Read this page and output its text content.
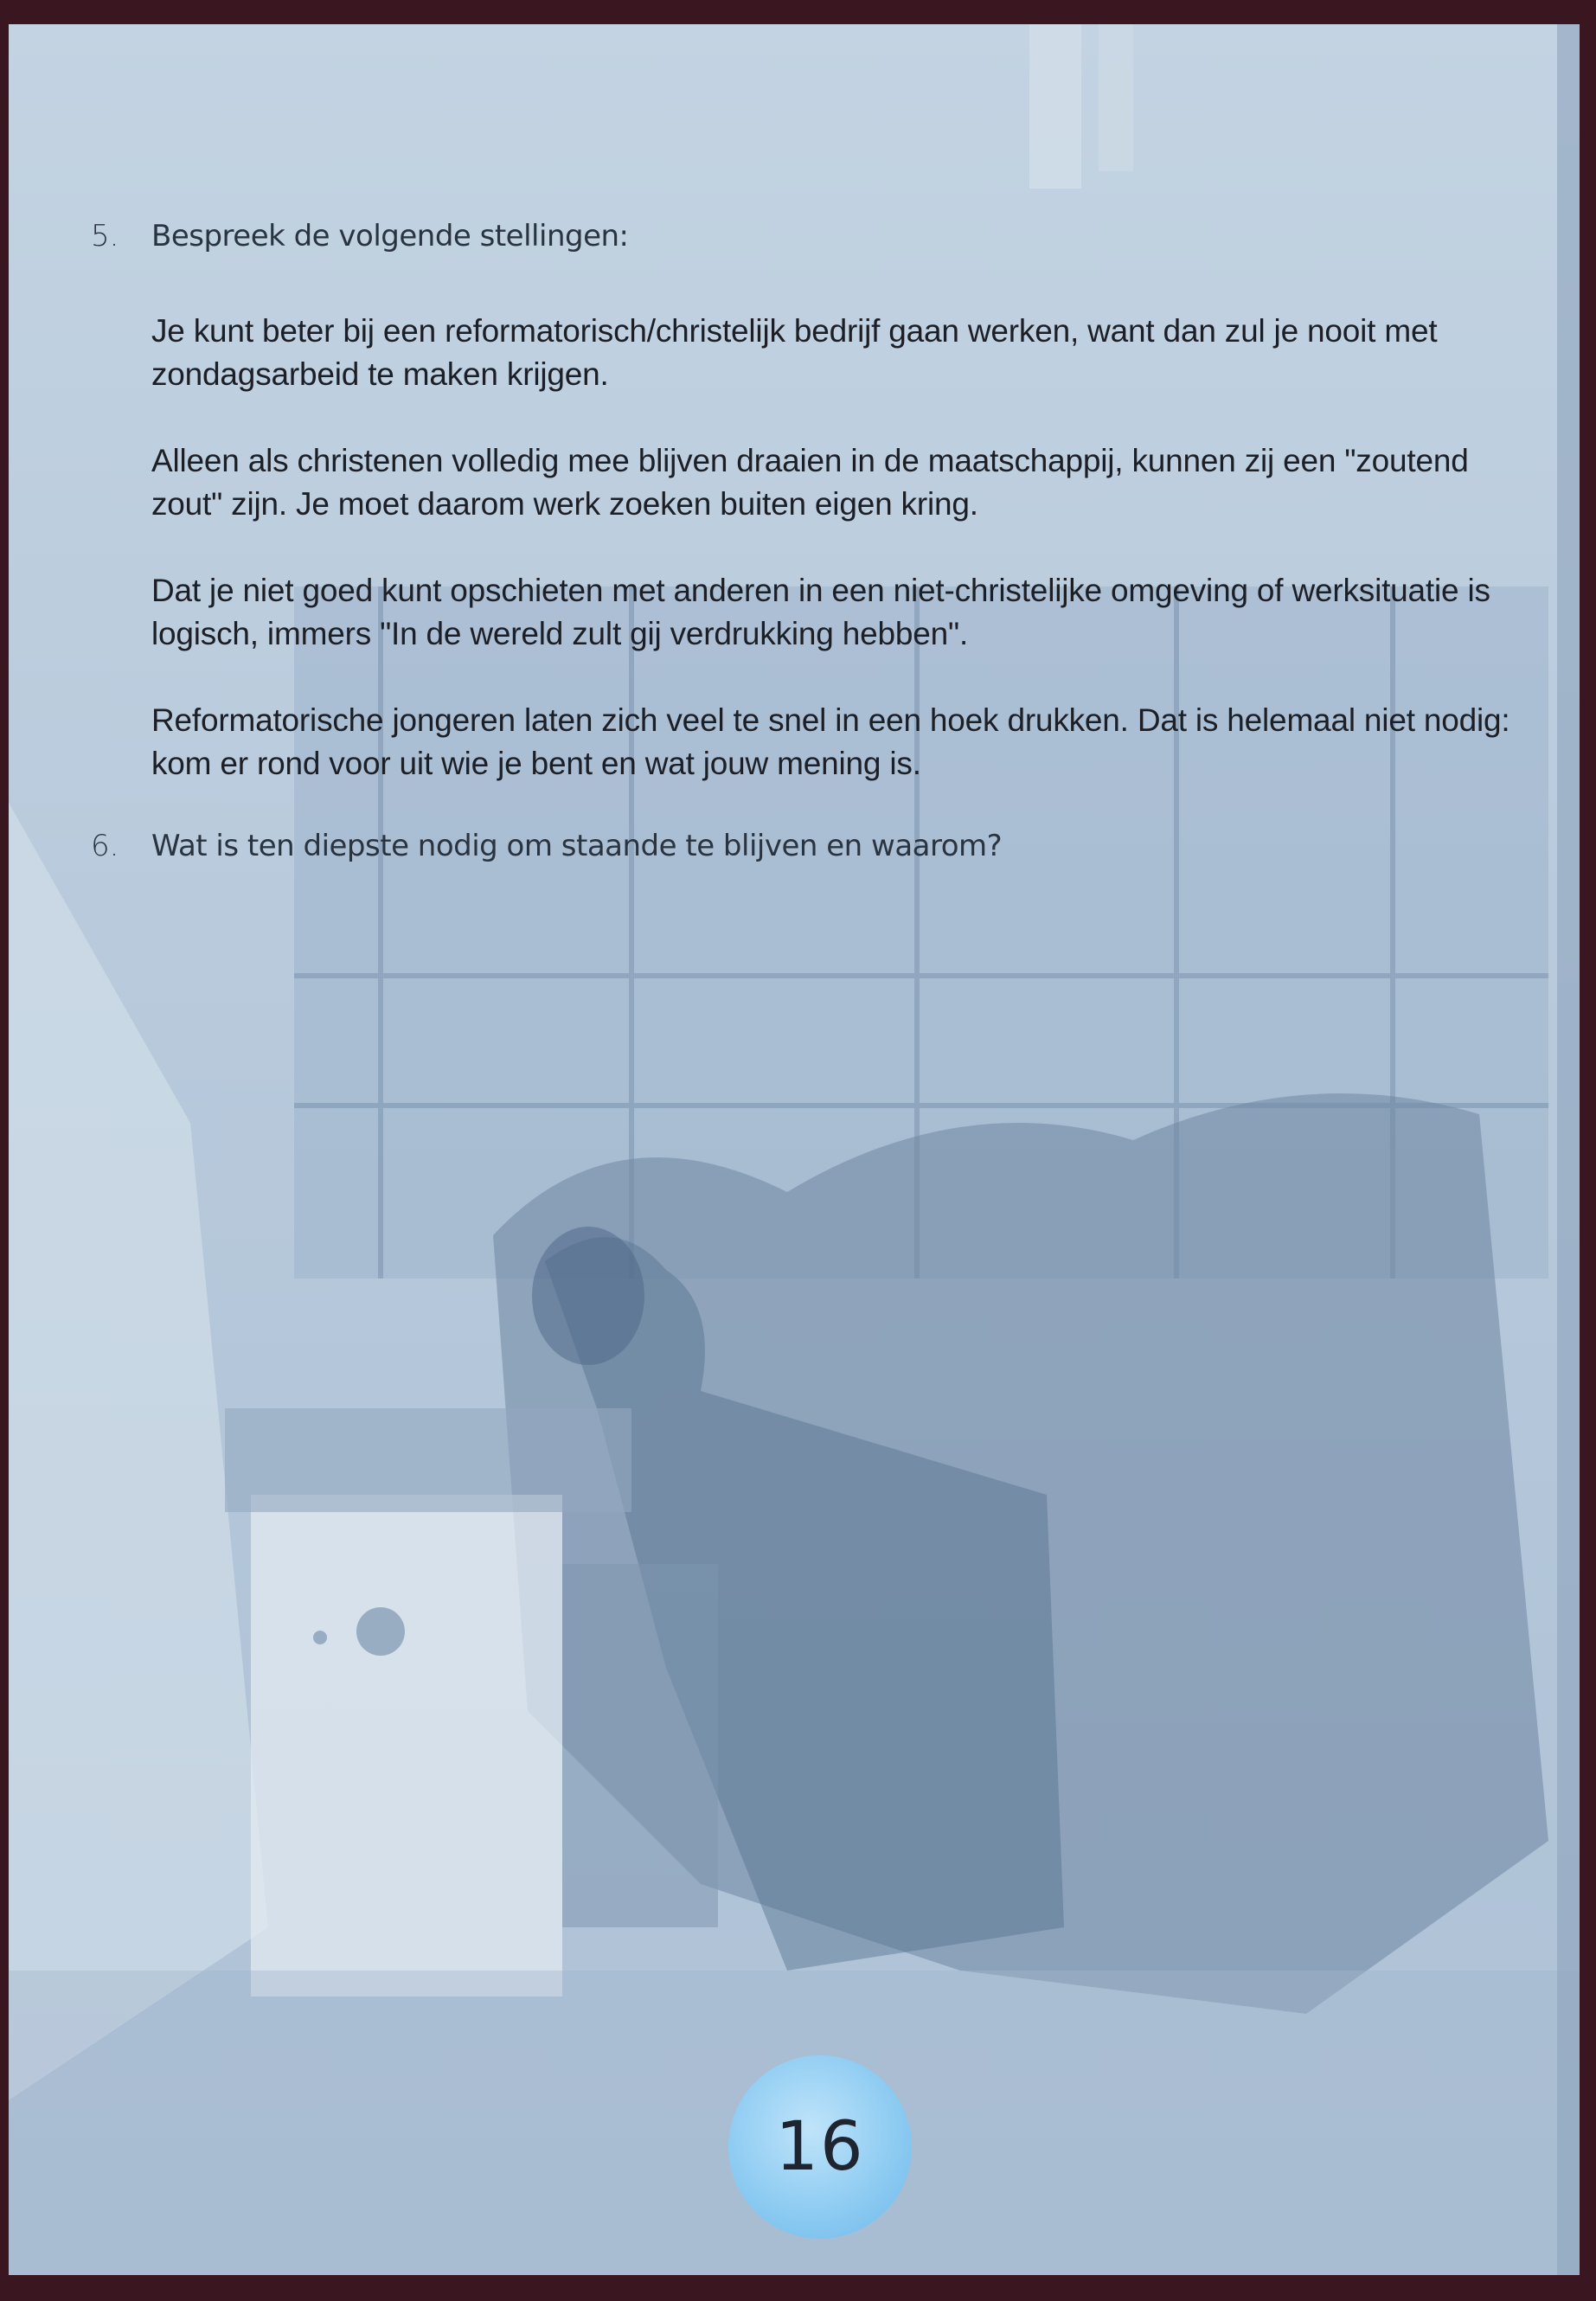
5. Bespreek de volgende stellingen:

Je kunt beter bij een reformatorisch/christelijk bedrijf gaan werken, want dan zul je nooit met zondagsarbeid te maken krijgen.

Alleen als christenen volledig mee blijven draaien in de maatschappij, kunnen zij een "zoutend zout" zijn. Je moet daarom werk zoeken buiten eigen kring.

Dat je niet goed kunt opschieten met anderen in een niet-christelijke omgeving of werksituatie is logisch, immers "In de wereld zult gij verdrukking hebben".

Reformatorische jongeren laten zich veel te snel in een hoek drukken. Dat is helemaal niet nodig: kom er rond voor uit wie je bent en wat jouw mening is.

6. Wat is ten diepste nodig om staande te blijven en waarom?
16
